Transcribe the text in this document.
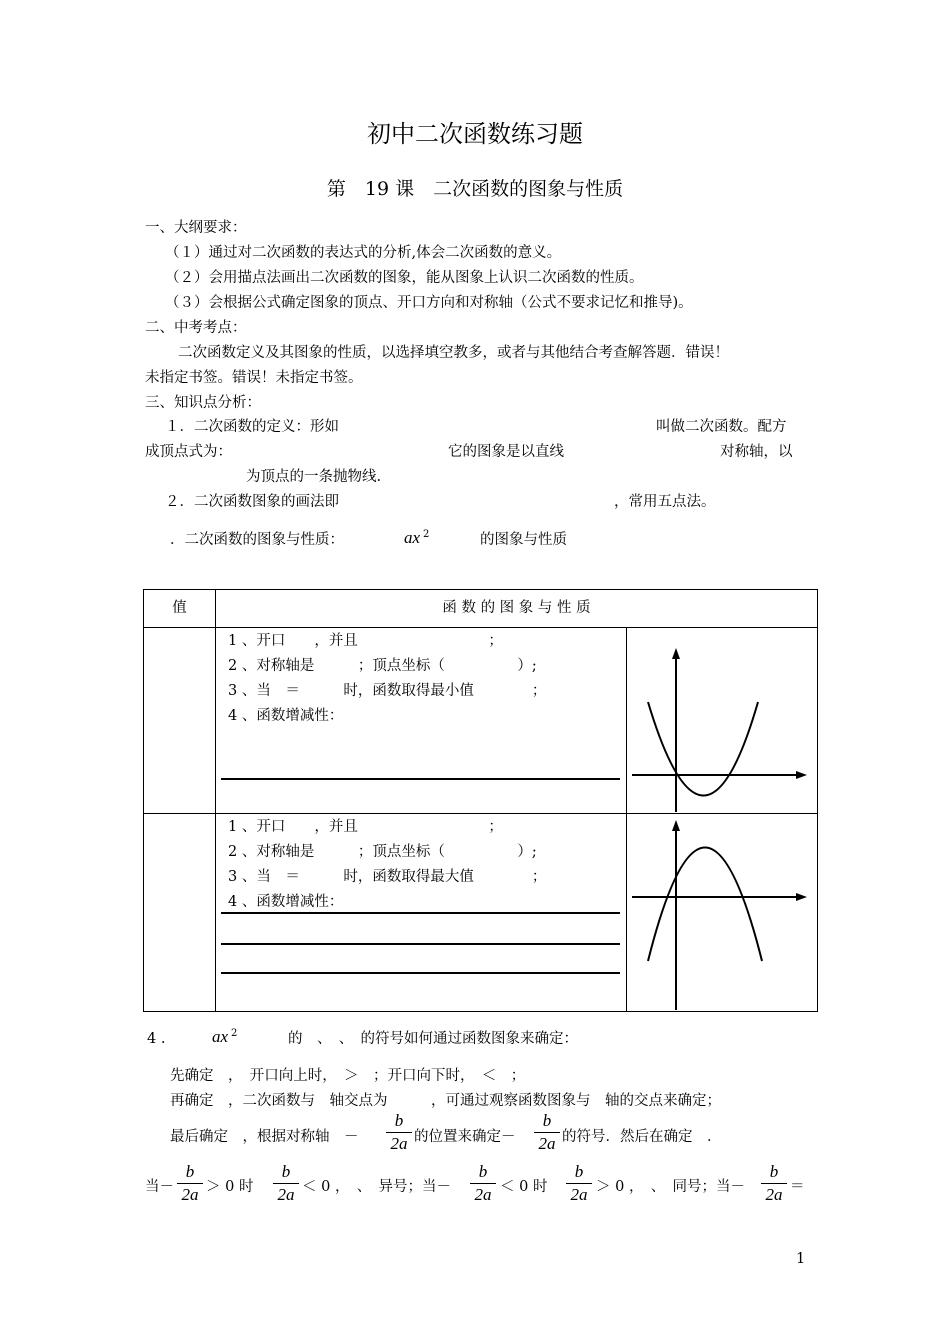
初中二次函数练习题
第　19 课　二次函数的图象与性质
一、大纲要求：
（１）通过对二次函数的表达式的分析,体会二次函数的意义。
（２）会用描点法画出二次函数的图象，能从图象上认识二次函数的性质。
（３）会根据公式确定图象的顶点、开口方向和对称轴（公式不要求记忆和推导)。
二、中考考点：
二次函数定义及其图象的性质，以选择填空教多，或者与其他结合考查解答题．错误！
未指定书签。错误！未指定书签。
三、知识点分析：
１．二次函数的定义：形如	叫做二次函数。配方
成顶点式为：	它的图象是以直线	对称轴，以
为顶点的一条抛物线.
２．二次函数图象的画法即	，常用五点法。
．二次函数的图象与性质：	ax 2	的图象与性质
值	函 数 的 图 象 与 性 质
1 、开口　　，并且　　　　　　　　　；
2 、对称轴是　　　；顶点坐标（　　　　　）;
3 、当　＝　　　时，函数取得最小值　　　　；
4 、函数增减性：
1 、开口　　，并且　　　　　　　　　；
2 、对称轴是　　　；顶点坐标（　　　　　）;
3 、当　＝　　　时，函数取得最大值　　　　；
4 、函数增减性：
4 .	ax 2	的　、　、　的符号如何通过函数图象来确定：
先确定　，　开口向上时，　＞　；开口向下时，　＜　；
再确定　，二次函数与　轴交点为　　　，可通过观察函数图象与　轴的交点来确定；
最后确定　，根据对称轴　－
b
2a 的位置来确定－
b
2a 的符号．然后在确定　．
当－
b
2a ＞ 0 时
b
2a ＜ 0 ，　、　异号；当－
b
2a ＜ 0 时
b
2a ＞ 0 ，　、　同号；当－
b
2a ＝
1
